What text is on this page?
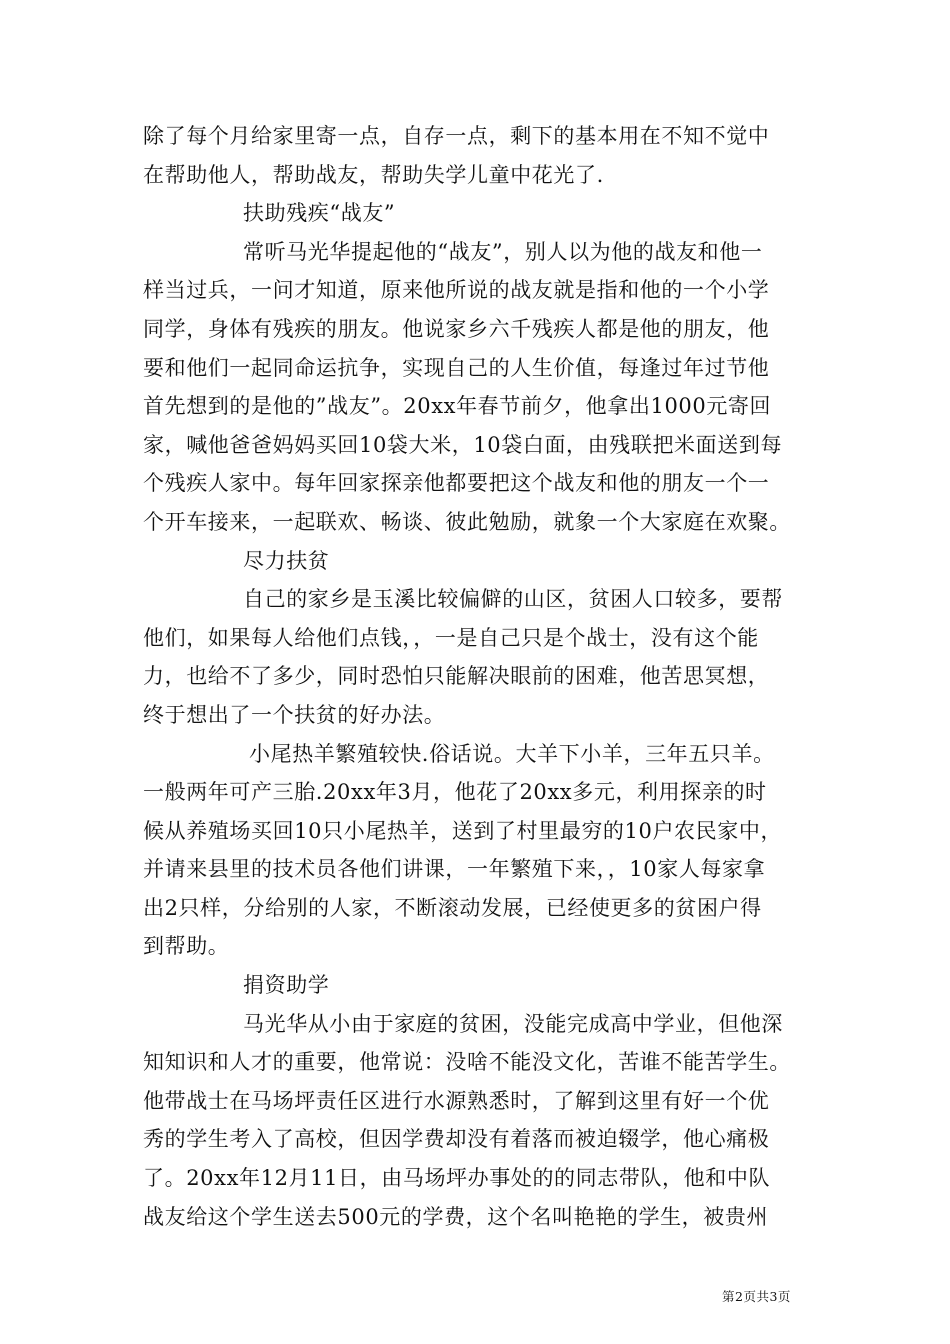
除了每个月给家里寄一点，自存一点，剩下的基本用在不知不觉中
在帮助他人，帮助战友，帮助失学儿童中花光了.
扶助残疾“战友”
常听马光华提起他的“战友”，别人以为他的战友和他一
样当过兵，一问才知道，原来他所说的战友就是指和他的一个小学
同学，身体有残疾的朋友。他说家乡六千残疾人都是他的朋友，他
要和他们一起同命运抗争，实现自己的人生价值，每逢过年过节他
首先想到的是他的”战友”。20xx年春节前夕，他拿出1000元寄回
家，喊他爸爸妈妈买回10袋大米，10袋白面，由残联把米面送到每
个残疾人家中。每年回家探亲他都要把这个战友和他的朋友一个一
个开车接来，一起联欢、畅谈、彼此勉励，就象一个大家庭在欢聚。
尽力扶贫
自己的家乡是玉溪比较偏僻的山区，贫困人口较多，要帮
他们，如果每人给他们点钱，，一是自己只是个战士，没有这个能
力，也给不了多少，同时恐怕只能解决眼前的困难，他苦思冥想，
终于想出了一个扶贫的好办法。
小尾热羊繁殖较快.俗话说。大羊下小羊，三年五只羊。
一般两年可产三胎.20xx年3月，他花了20xx多元，利用探亲的时
候从养殖场买回10只小尾热羊，送到了村里最穷的10户农民家中，
并请来县里的技术员各他们讲课，一年繁殖下来，，10家人每家拿
出2只样，分给别的人家，不断滚动发展，已经使更多的贫困户得
到帮助。
捐资助学
马光华从小由于家庭的贫困，没能完成高中学业，但他深
知知识和人才的重要，他常说：没啥不能没文化，苦谁不能苦学生。
他带战士在马场坪责任区进行水源熟悉时，了解到这里有好一个优
秀的学生考入了高校，但因学费却没有着落而被迫辍学，他心痛极
了。20xx年12月11日，由马场坪办事处的的同志带队，他和中队
战友给这个学生送去500元的学费，这个名叫艳艳的学生，被贵州
第2页共3页
